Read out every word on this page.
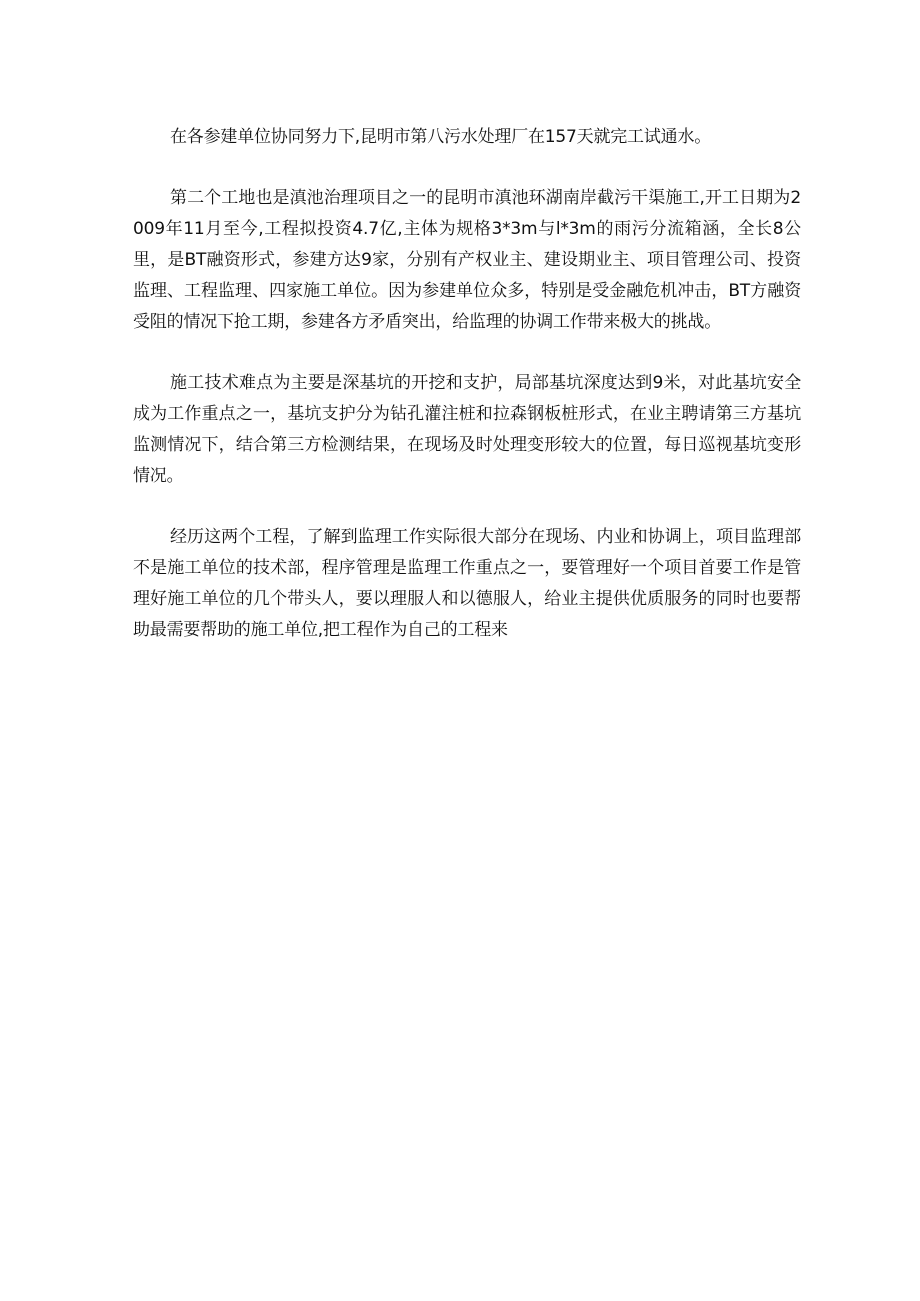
在各参建单位协同努力下,昆明市第八污水处理厂在157天就完工试通水。

第二个工地也是滇池治理项目之一的昆明市滇池环湖南岸截污干渠施工,开工日期为2009年11月至今,工程拟投资4.7亿,主体为规格3*3m与l*3m的雨污分流箱涵，全长8公里，是BT融资形式，参建方达9家，分别有产权业主、建设期业主、项目管理公司、投资监理、工程监理、四家施工单位。因为参建单位众多，特别是受金融危机冲击，BT方融资受阻的情况下抢工期，参建各方矛盾突出，给监理的协调工作带来极大的挑战。

施工技术难点为主要是深基坑的开挖和支护，局部基坑深度达到9米，对此基坑安全成为工作重点之一，基坑支护分为钻孔灌注桩和拉森钢板桩形式，在业主聘请第三方基坑监测情况下，结合第三方检测结果，在现场及时处理变形较大的位置，每日巡视基坑变形情况。

经历这两个工程，了解到监理工作实际很大部分在现场、内业和协调上，项目监理部不是施工单位的技术部，程序管理是监理工作重点之一，要管理好一个项目首要工作是管理好施工单位的几个带头人，要以理服人和以德服人，给业主提供优质服务的同时也要帮助最需要帮助的施工单位,把工程作为自己的工程来
